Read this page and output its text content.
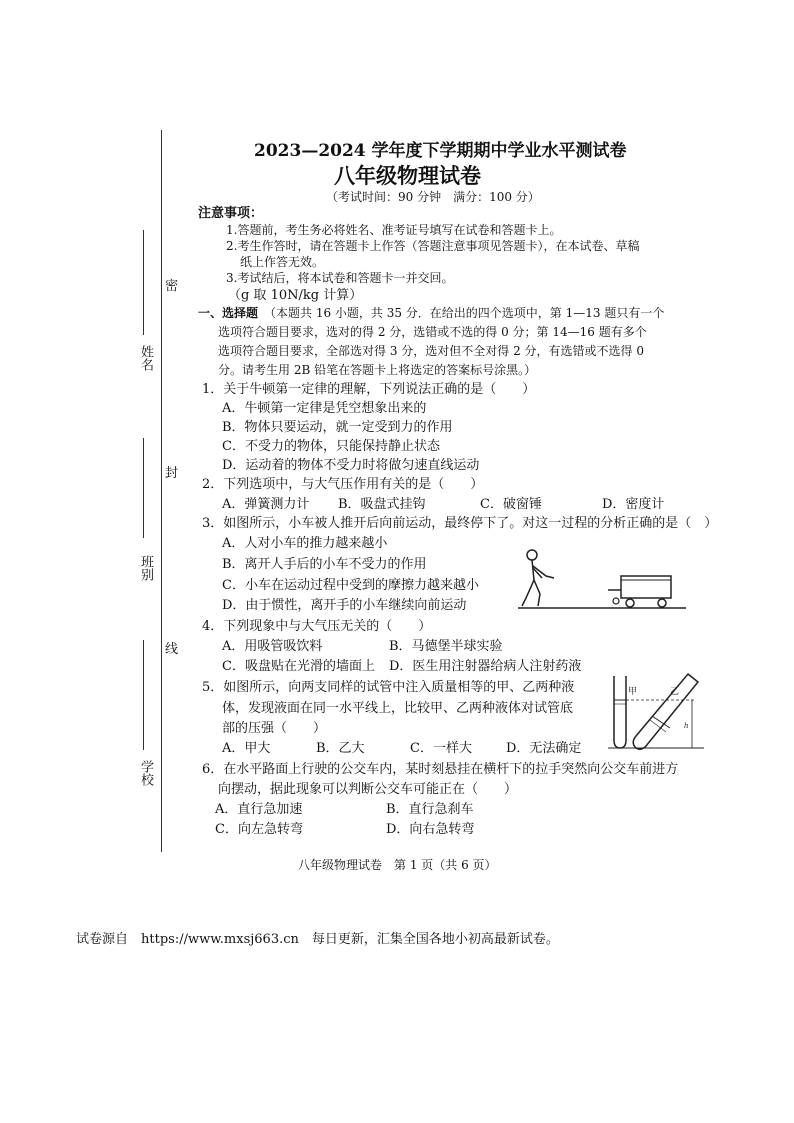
密
封
线
姓名
班别
学校
2023—2024 学年度下学期期中学业水平测试卷
八年级物理试卷
（考试时间：90 分钟　满分：100 分）
注意事项：
1.答题前，考生务必将姓名、准考证号填写在试卷和答题卡上。
2.考生作答时，请在答题卡上作答（答题注意事项见答题卡），在本试卷、草稿
纸上作答无效。
3.考试结后，将本试卷和答题卡一并交回。
（g 取 10N/kg 计算）
一、选择题 （本题共 16 小题，共 35 分．在给出的四个选项中，第 1—13 题只有一个
选项符合题目要求，选对的得 2 分，选错或不选的得 0 分；第 14—16 题有多个
选项符合题目要求，全部选对得 3 分，选对但不全对得 2 分，有选错或不选得 0
分。请考生用 2B 铅笔在答题卡上将选定的答案标号涂黑。）
1．关于牛顿第一定律的理解，下列说法正确的是（　　）
A．牛顿第一定律是凭空想象出来的
B．物体只要运动，就一定受到力的作用
C．不受力的物体，只能保持静止状态
D．运动着的物体不受力时将做匀速直线运动
2．下列选项中，与大气压作用有关的是（　　）
A．弹簧测力计 B．吸盘式挂钩	C．破窗锤	D．密度计
3．如图所示，小车被人推开后向前运动，最终停下了。对这一过程的分析正确的是（　）
A．人对小车的推力越来越小
B．离开人手后的小车不受力的作用
C．小车在运动过程中受到的摩擦力越来越小
D．由于惯性，离开手的小车继续向前运动
4．下列现象中与大气压无关的（　　）
A．用吸管吸饮料	B．马德堡半球实验
C．吸盘贴在光滑的墙面上 D．医生用注射器给病人注射药液
5．如图所示，向两支同样的试管中注入质量相等的甲、乙两种液
体，发现液面在同一水平线上，比较甲、乙两种液体对试管底
部的压强（　　）
A．甲大	B．乙大	C．一样大	D．无法确定
甲	乙
h
6．在水平路面上行驶的公交车内，某时刻悬挂在横杆下的拉手突然向公交车前进方
向摆动，据此现象可以判断公交车可能正在（　　）
A．直行急加速	B．直行急刹车
C．向左急转弯	D．向右急转弯
八年级物理试卷　第 1 页（共 6 页）
试卷源自　https://www.mxsj663.cn　每日更新，汇集全国各地小初高最新试卷。
